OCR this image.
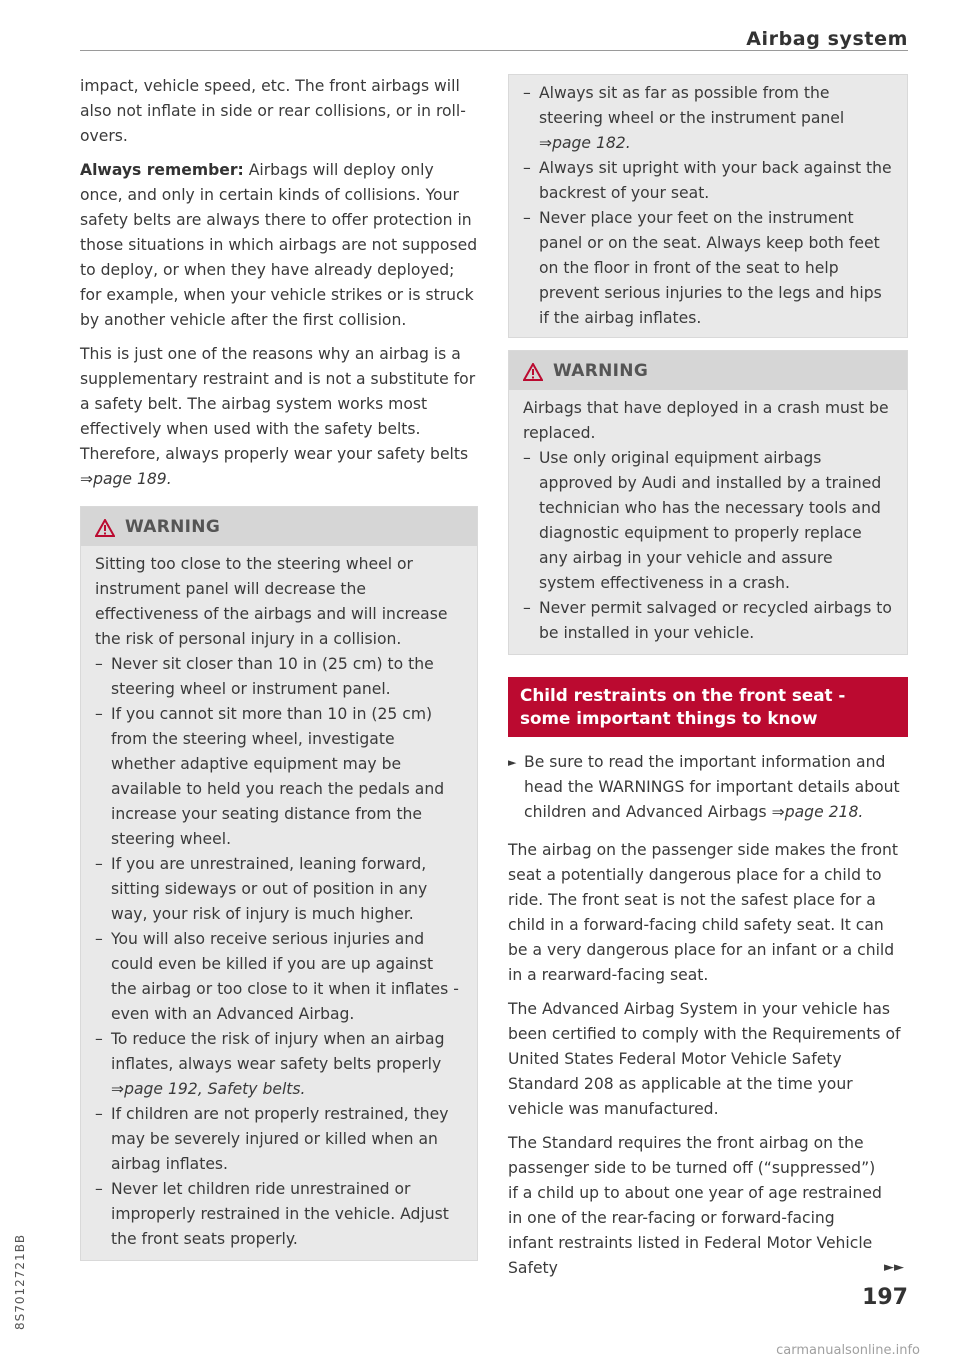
Airbag system

impact, vehicle speed, etc. The front airbags will also not inflate in side or rear collisions, or in roll-overs.

Always remember: Airbags will deploy only once, and only in certain kinds of collisions. Your safety belts are always there to offer protection in those situations in which airbags are not supposed to deploy, or when they have already deployed; for example, when your vehicle strikes or is struck by another vehicle after the first collision.

This is just one of the reasons why an airbag is a supplementary restraint and is not a substitute for a safety belt. The airbag system works most effectively when used with the safety belts. Therefore, always properly wear your safety belts ⇒page 189.

WARNING

Sitting too close to the steering wheel or instrument panel will decrease the effectiveness of the airbags and will increase the risk of personal injury in a collision.

– Never sit closer than 10 in (25 cm) to the steering wheel or instrument panel.
– If you cannot sit more than 10 in (25 cm) from the steering wheel, investigate whether adaptive equipment may be available to held you reach the pedals and increase your seating distance from the steering wheel.
– If you are unrestrained, leaning forward, sitting sideways or out of position in any way, your risk of injury is much higher.
– You will also receive serious injuries and could even be killed if you are up against the airbag or too close to it when it inflates - even with an Advanced Airbag.
– To reduce the risk of injury when an airbag inflates, always wear safety belts properly ⇒page 192, Safety belts.
– If children are not properly restrained, they may be severely injured or killed when an airbag inflates.
– Never let children ride unrestrained or improperly restrained in the vehicle. Adjust the front seats properly.
– Always sit as far as possible from the steering wheel or the instrument panel ⇒page 182.
– Always sit upright with your back against the backrest of your seat.
– Never place your feet on the instrument panel or on the seat. Always keep both feet on the floor in front of the seat to help prevent serious injuries to the legs and hips if the airbag inflates.
WARNING

Airbags that have deployed in a crash must be replaced.

– Use only original equipment airbags approved by Audi and installed by a trained technician who has the necessary tools and diagnostic equipment to properly replace any airbag in your vehicle and assure system effectiveness in a crash.
– Never permit salvaged or recycled airbags to be installed in your vehicle.
Child restraints on the front seat - some important things to know
► Be sure to read the important information and head the WARNINGS for important details about children and Advanced Airbags ⇒page 218.

The airbag on the passenger side makes the front seat a potentially dangerous place for a child to ride. The front seat is not the safest place for a child in a forward-facing child safety seat. It can be a very dangerous place for an infant or a child in a rearward-facing seat.

The Advanced Airbag System in your vehicle has been certified to comply with the Requirements of United States Federal Motor Vehicle Safety Standard 208 as applicable at the time your vehicle was manufactured.

The Standard requires the front airbag on the passenger side to be turned off (“suppressed”) if a child up to about one year of age restrained in one of the rear-facing or forward-facing infant restraints listed in Federal Motor Vehicle Safety	►►
197
8S7012721BB
carmanualsonline.info
